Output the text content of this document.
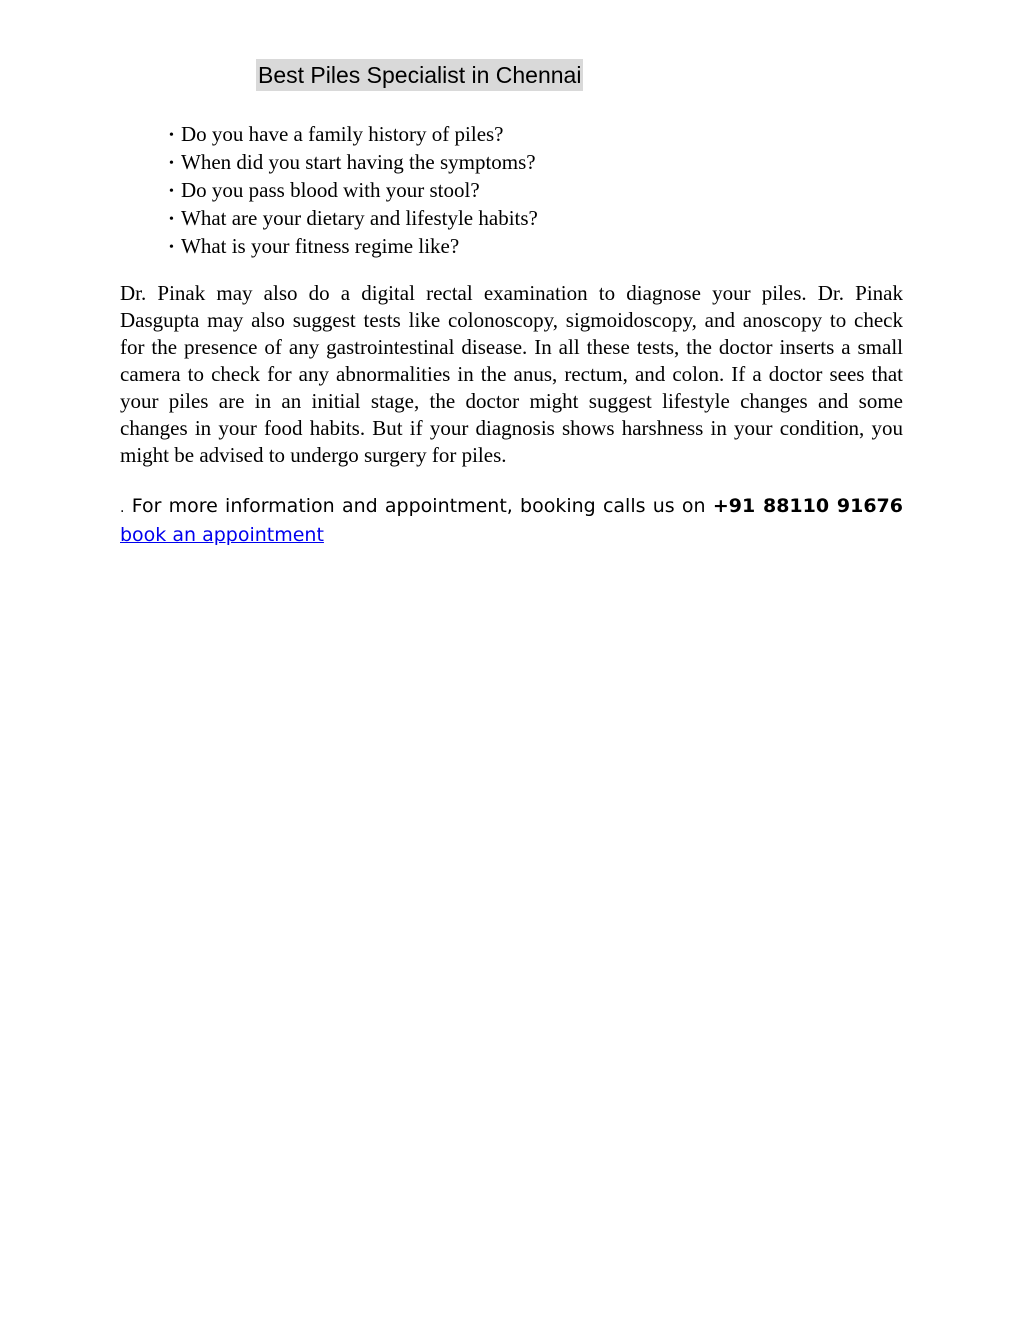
Best Piles Specialist in Chennai
• Do you have a family history of piles?
• When did you start having the symptoms?
• Do you pass blood with your stool?
• What are your dietary and lifestyle habits?
• What is your fitness regime like?

Dr. Pinak may also do a digital rectal examination to diagnose your piles. Dr. Pinak Dasgupta may also suggest tests like colonoscopy, sigmoidoscopy, and anoscopy to check for the presence of any gastrointestinal disease. In all these tests, the doctor inserts a small camera to check for any abnormalities in the anus, rectum, and colon. If a doctor sees that your piles are in an initial stage, the doctor might suggest lifestyle changes and some changes in your food habits. But if your diagnosis shows harshness in your condition, you might be advised to undergo surgery for piles.

. For more information and appointment, booking calls us on +91 88110 91676 book an appointment
